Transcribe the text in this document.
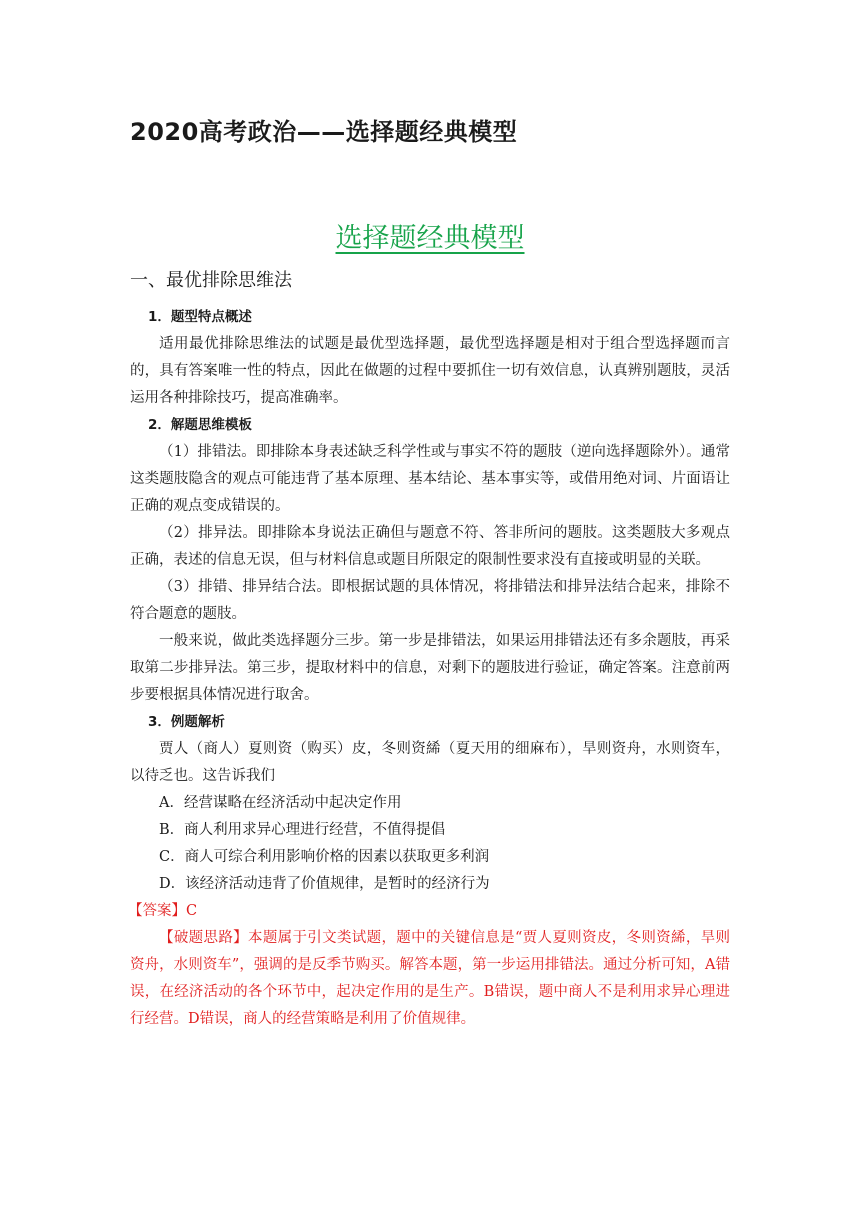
2020高考政治——选择题经典模型
选择题经典模型
一、最优排除思维法

1．题型特点概述

适用最优排除思维法的试题是最优型选择题，最优型选择题是相对于组合型选择题而言的，具有答案唯一性的特点，因此在做题的过程中要抓住一切有效信息，认真辨别题肢，灵活运用各种排除技巧，提高准确率。

2．解题思维模板

（1）排错法。即排除本身表述缺乏科学性或与事实不符的题肢（逆向选择题除外）。通常这类题肢隐含的观点可能违背了基本原理、基本结论、基本事实等，或借用绝对词、片面语让正确的观点变成错误的。

（2）排异法。即排除本身说法正确但与题意不符、答非所问的题肢。这类题肢大多观点正确，表述的信息无误，但与材料信息或题目所限定的限制性要求没有直接或明显的关联。

（3）排错、排异结合法。即根据试题的具体情况，将排错法和排异法结合起来，排除不符合题意的题肢。

一般来说，做此类选择题分三步。第一步是排错法，如果运用排错法还有多余题肢，再采取第二步排异法。第三步，提取材料中的信息，对剩下的题肢进行验证，确定答案。注意前两步要根据具体情况进行取舍。

3．例题解析

贾人（商人）夏则资（购买）皮，冬则资絺（夏天用的细麻布），旱则资舟，水则资车，以待乏也。这告诉我们

A．经营谋略在经济活动中起决定作用

B．商人利用求异心理进行经营，不值得提倡

C．商人可综合利用影响价格的因素以获取更多利润

D．该经济活动违背了价值规律，是暂时的经济行为

【答案】C

【破题思路】本题属于引文类试题，题中的关键信息是“贾人夏则资皮，冬则资絺，旱则资舟，水则资车”，强调的是反季节购买。解答本题，第一步运用排错法。通过分析可知，A错误，在经济活动的各个环节中，起决定作用的是生产。B错误，题中商人不是利用求异心理进行经营。D错误，商人的经营策略是利用了价值规律。
